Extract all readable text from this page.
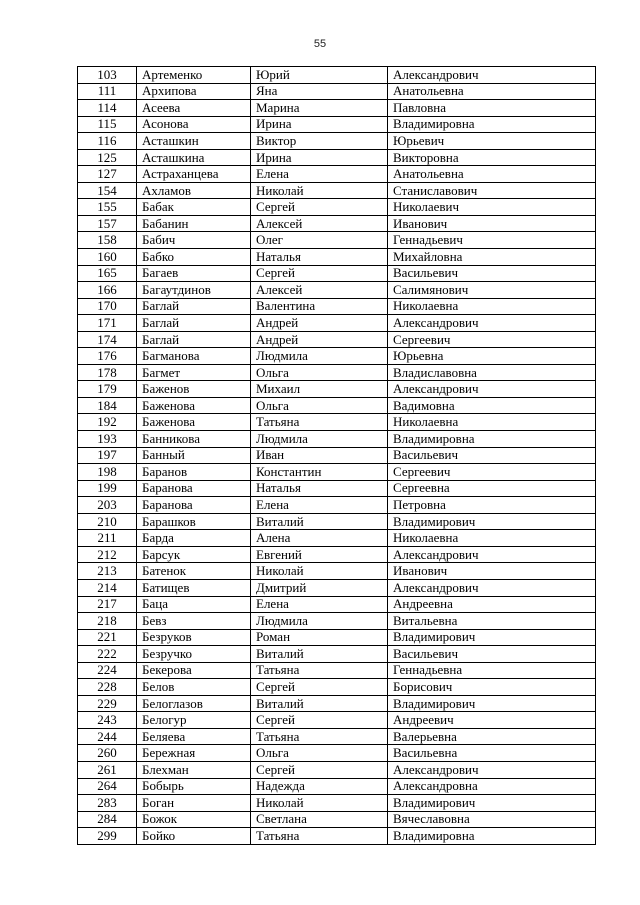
55
103	Артеменко	Юрий	Александрович
111	Архипова	Яна	Анатольевна
114	Асеева	Марина	Павловна
115	Асонова	Ирина	Владимировна
116	Асташкин	Виктор	Юрьевич
125	Асташкина	Ирина	Викторовна
127	Астраханцева	Елена	Анатольевна
154	Ахламов	Николай	Станиславович
155	Бабак	Сергей	Николаевич
157	Бабанин	Алексей	Иванович
158	Бабич	Олег	Геннадьевич
160	Бабко	Наталья	Михайловна
165	Багаев	Сергей	Васильевич
166	Багаутдинов	Алексей	Салимянович
170	Баглай	Валентина	Николаевна
171	Баглай	Андрей	Александрович
174	Баглай	Андрей	Сергеевич
176	Багманова	Людмила	Юрьевна
178	Багмет	Ольга	Владиславовна
179	Баженов	Михаил	Александрович
184	Баженова	Ольга	Вадимовна
192	Баженова	Татьяна	Николаевна
193	Банникова	Людмила	Владимировна
197	Банный	Иван	Васильевич
198	Баранов	Константин	Сергеевич
199	Баранова	Наталья	Сергеевна
203	Баранова	Елена	Петровна
210	Барашков	Виталий	Владимирович
211	Барда	Алена	Николаевна
212	Барсук	Евгений	Александрович
213	Батенок	Николай	Иванович
214	Батищев	Дмитрий	Александрович
217	Баца	Елена	Андреевна
218	Бевз	Людмила	Витальевна
221	Безруков	Роман	Владимирович
222	Безручко	Виталий	Васильевич
224	Бекерова	Татьяна	Геннадьевна
228	Белов	Сергей	Борисович
229	Белоглазов	Виталий	Владимирович
243	Белогур	Сергей	Андреевич
244	Беляева	Татьяна	Валерьевна
260	Бережная	Ольга	Васильевна
261	Блехман	Сергей	Александрович
264	Бобырь	Надежда	Александровна
283	Боган	Николай	Владимирович
284	Божок	Светлана	Вячеславовна
299	Бойко	Татьяна	Владимировна
